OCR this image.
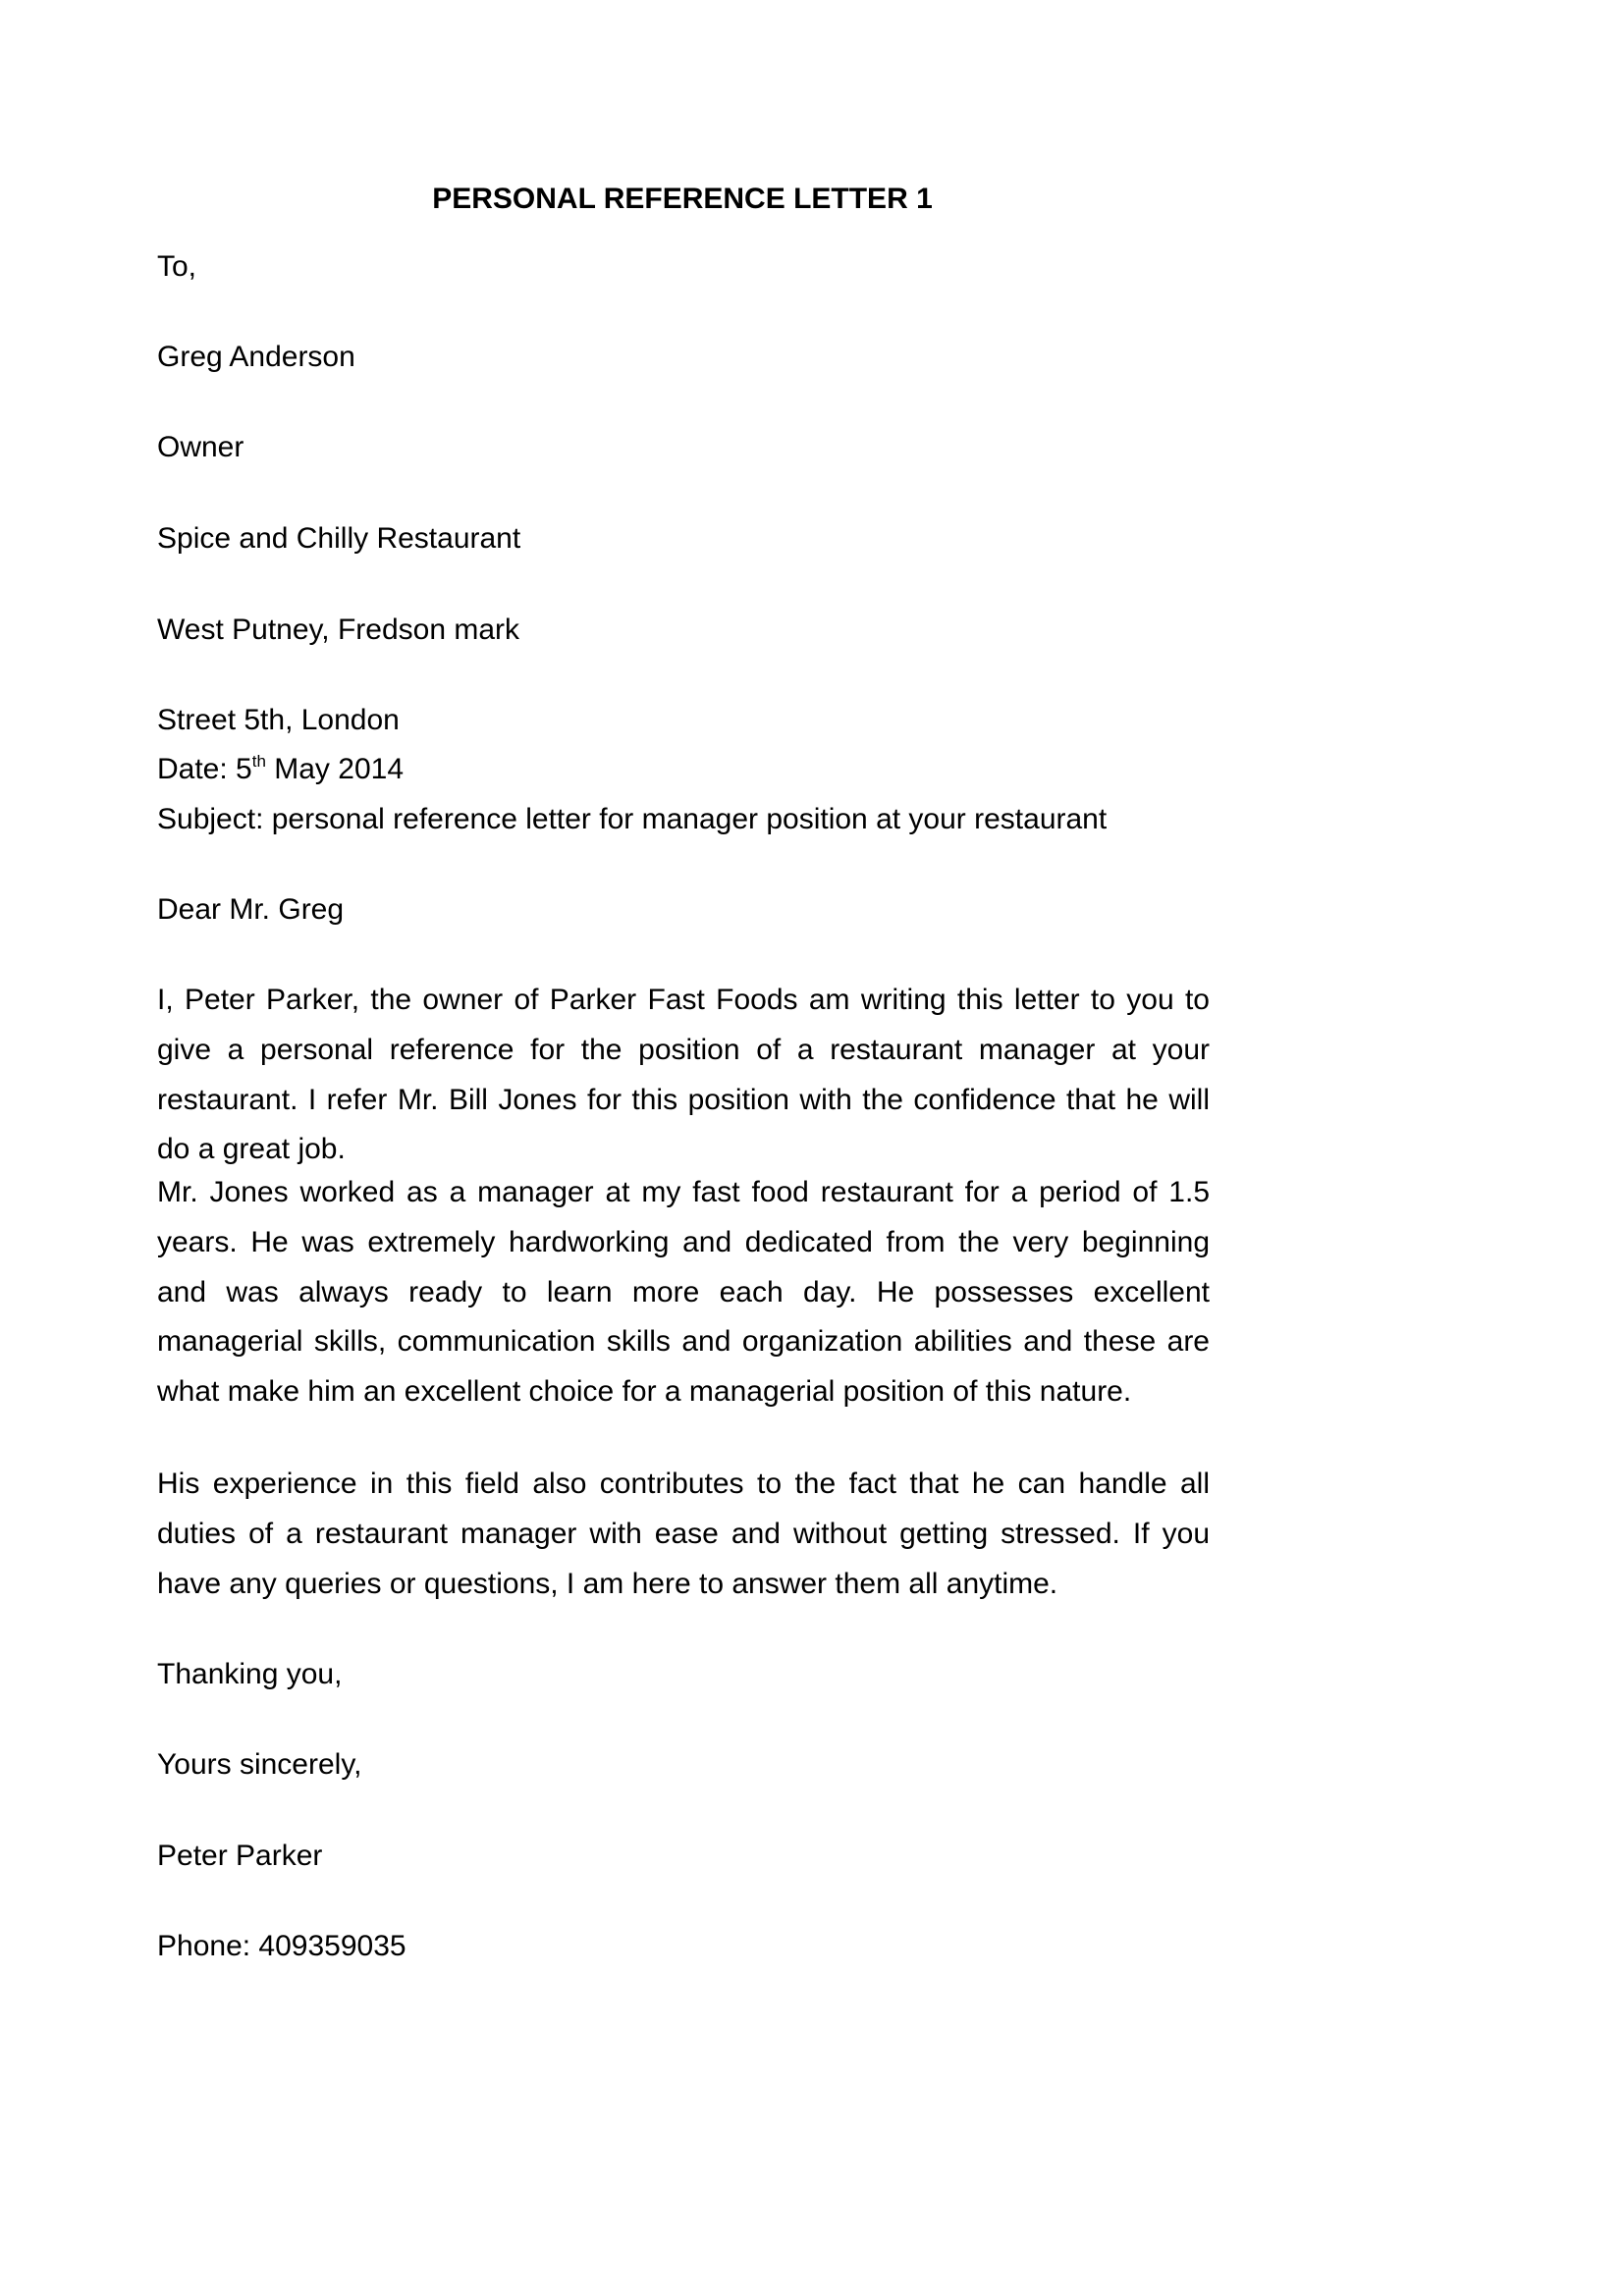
PERSONAL REFERENCE LETTER 1

To,

Greg Anderson

Owner

Spice and Chilly Restaurant

West Putney, Fredson mark

Street 5th, London

Date: 5th May 2014

Subject: personal reference letter for manager position at your restaurant

Dear Mr. Greg

I, Peter Parker, the owner of Parker Fast Foods am writing this letter to you to give a personal reference for the position of a restaurant manager at your restaurant. I refer Mr. Bill Jones for this position with the confidence that he will do a great job.

Mr. Jones worked as a manager at my fast food restaurant for a period of 1.5 years. He was extremely hardworking and dedicated from the very beginning and was always ready to learn more each day. He possesses excellent managerial skills, communication skills and organization abilities and these are what make him an excellent choice for a managerial position of this nature.

His experience in this field also contributes to the fact that he can handle all duties of a restaurant manager with ease and without getting stressed. If you have any queries or questions, I am here to answer them all anytime.

Thanking you,

Yours sincerely,

Peter Parker

Phone: 409359035
